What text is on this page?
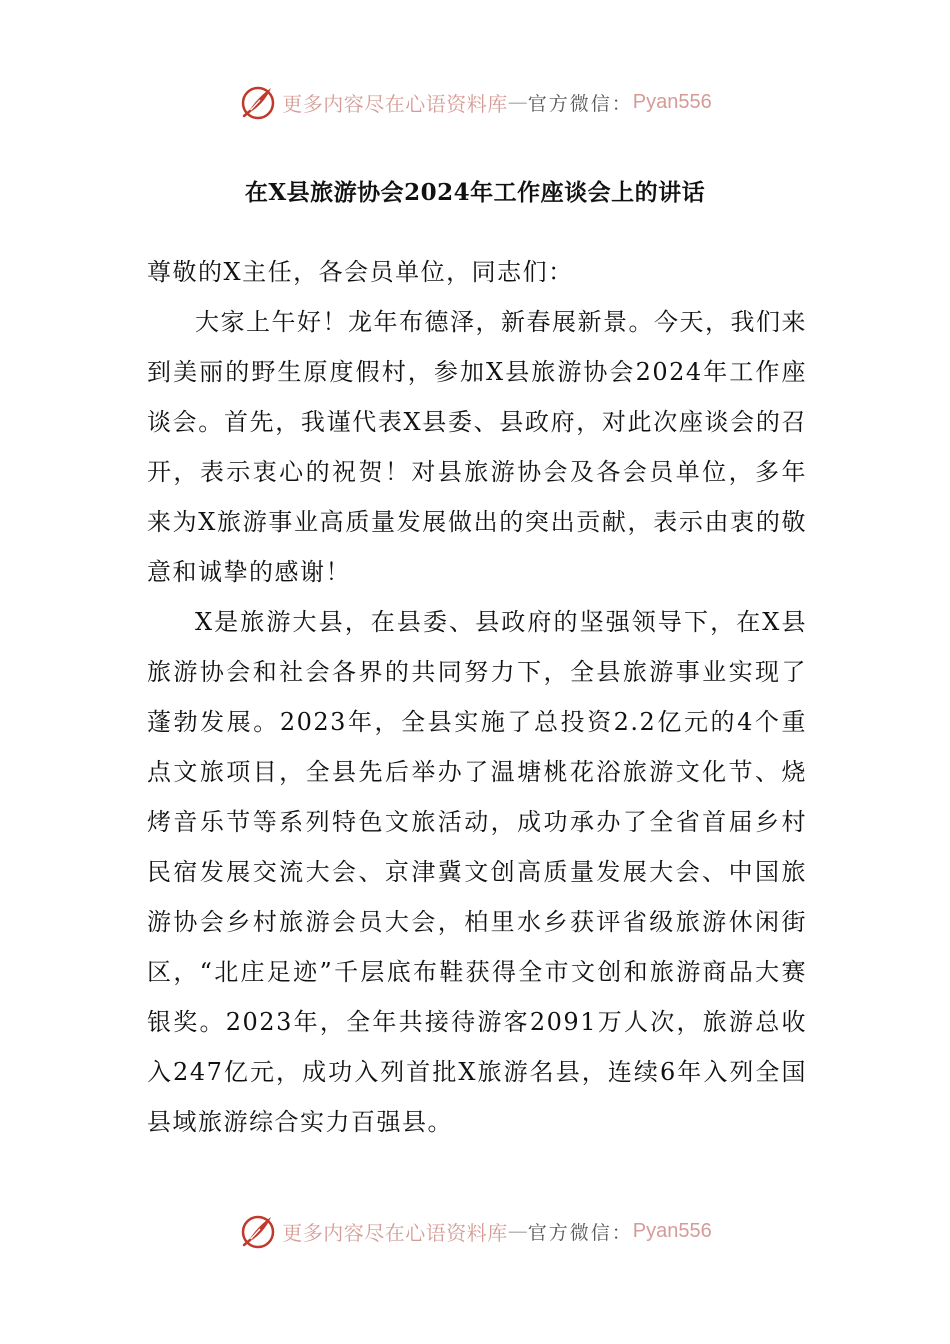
更多内容尽在心语资料库 — 官方微信： Pyan556
在X县旅游协会2024年工作座谈会上的讲话

尊敬的X主任，各会员单位，同志们：

大家上午好！龙年布德泽，新春展新景。今天，我们来到美丽的野生原度假村，参加X县旅游协会2024年工作座谈会。首先，我谨代表X县委、县政府，对此次座谈会的召开，表示衷心的祝贺！对县旅游协会及各会员单位，多年来为X旅游事业高质量发展做出的突出贡献，表示由衷的敬意和诚挚的感谢！

X是旅游大县，在县委、县政府的坚强领导下，在X县旅游协会和社会各界的共同努力下，全县旅游事业实现了蓬勃发展。2023年，全县实施了总投资2.2亿元的4个重点文旅项目，全县先后举办了温塘桃花浴旅游文化节、烧烤音乐节等系列特色文旅活动，成功承办了全省首届乡村民宿发展交流大会、京津冀文创高质量发展大会、中国旅游协会乡村旅游会员大会，柏里水乡获评省级旅游休闲街区，“北庄足迹”千层底布鞋获得全市文创和旅游商品大赛银奖。2023年，全年共接待游客2091万人次，旅游总收入247亿元，成功入列首批X旅游名县，连续6年入列全国县域旅游综合实力百强县。

更多内容尽在心语资料库 — 官方微信： Pyan556
